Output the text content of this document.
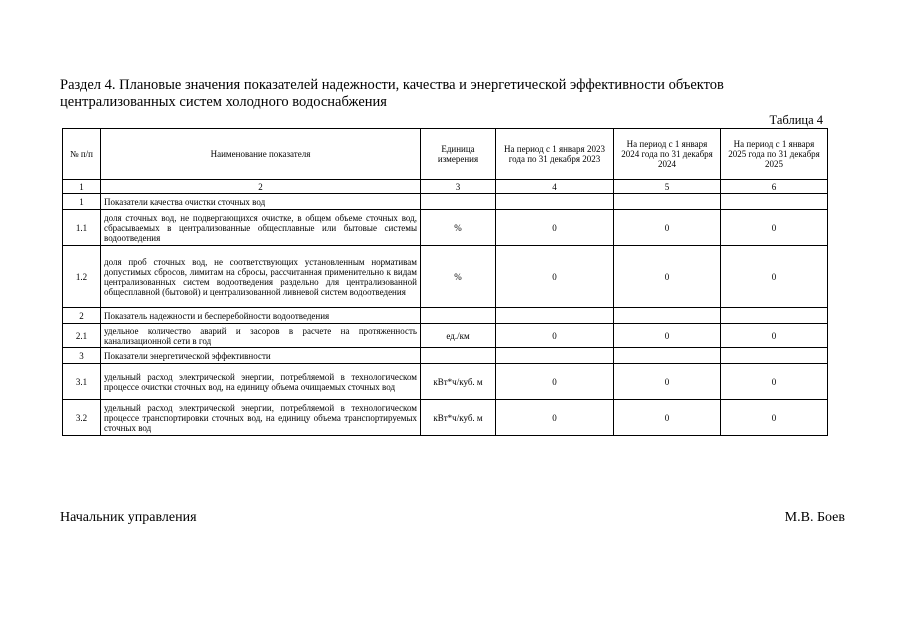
Раздел 4. Плановые значения показателей надежности, качества и энергетической эффективности объектов централизованных систем холодного водоснабжения
Таблица 4
№ п/п	Наименование показателя	Единица измерения	На период с 1 января 2023 года по 31 декабря 2023	На период с 1 января 2024 года по 31 декабря 2024	На период с 1 января 2025 года по 31 декабря 2025
1	2	3	4	5	6
1	Показатели качества очистки сточных вод				
1.1	доля сточных вод, не подвергающихся очистке, в общем объеме сточных вод, сбрасываемых в централизованные общесплавные или бытовые системы водоотведения	%	0	0	0
1.2	доля проб сточных вод, не соответствующих установленным нормативам допустимых сбросов, лимитам на сбросы, рассчитанная применительно к видам централизованных систем водоотведения раздельно для централизованной общесплавной (бытовой) и централизованной ливневой систем водоотведения	%	0	0	0
2	Показатель надежности и бесперебойности водоотведения				
2.1	удельное количество аварий и засоров в расчете на протяженность канализационной сети в год	ед./км	0	0	0
3	Показатели энергетической эффективности				
3.1	удельный расход электрической энергии, потребляемой в технологическом процессе очистки сточных вод, на единицу объема очищаемых сточных вод	кВт*ч/куб. м	0	0	0
3.2	удельный расход электрической энергии, потребляемой в технологическом процессе транспортировки сточных вод, на единицу объема транспортируемых сточных вод	кВт*ч/куб. м	0	0	0
Начальник управления	М.В. Боев
